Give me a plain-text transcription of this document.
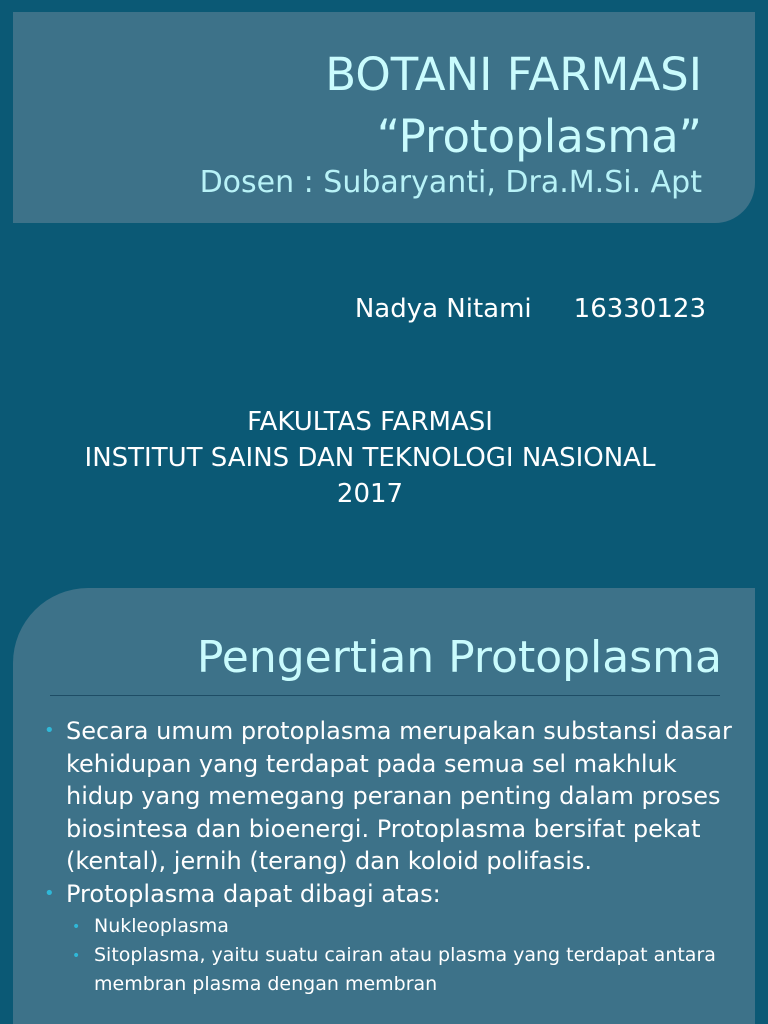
BOTANI FARMASI
“Protoplasma”
Dosen : Subaryanti, Dra.M.Si. Apt
Nadya Nitami 16330123
FAKULTAS FARMASI
INSTITUT SAINS DAN TEKNOLOGI NASIONAL
2017
Pengertian Protoplasma
• Secara umum protoplasma merupakan substansi dasar kehidupan yang terdapat pada semua sel makhluk hidup yang memegang peranan penting dalam proses biosintesa dan bioenergi. Protoplasma bersifat pekat (kental), jernih (terang) dan koloid polifasis.
• Protoplasma dapat dibagi atas:
• Nukleoplasma
• Sitoplasma, yaitu suatu cairan atau plasma yang terdapat antara membran plasma dengan membran
